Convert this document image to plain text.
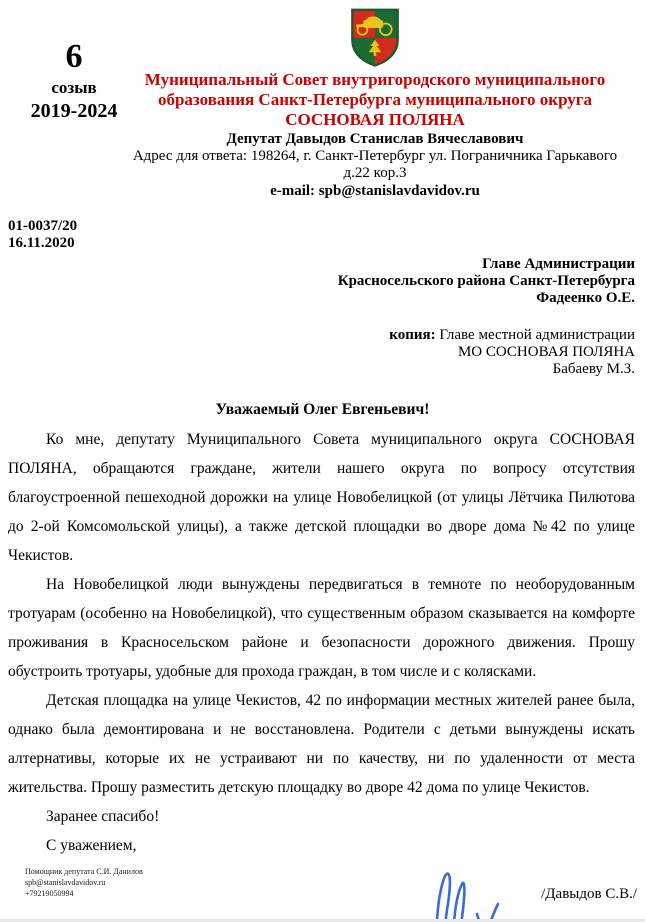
6
созыв
2019-2024
Муниципальный Совет внутригородского муниципального
образования Санкт-Петербурга муниципального округа
СОСНОВАЯ ПОЛЯНА
Депутат Давыдов Станислав Вячеславович
Адрес для ответа: 198264, г. Санкт-Петербург ул. Пограничника Гарькавого
д.22 кор.3
e-mail: spb@stanislavdavidov.ru
01-0037/20
16.11.2020
Главе Администрации
Красносельского района Санкт-Петербурга
Фадеенко О.Е.
копия: Главе местной администрации
МО СОСНОВАЯ ПОЛЯНА
Бабаеву М.З.
Уважаемый Олег Евгеньевич!

Ко мне, депутату Муниципального Совета муниципального округа СОСНОВАЯ ПОЛЯНА, обращаются граждане, жители нашего округа по вопросу отсутствия благоустроенной пешеходной дорожки на улице Новобелицкой (от улицы Лётчика Пилютова до 2-ой Комсомольской улицы), а также детской площадки во дворе дома №42 по улице Чекистов.

На Новобелицкой люди вынуждены передвигаться в темноте по необорудованным тротуарам (особенно на Новобелицкой), что существенным образом сказывается на комфорте проживания в Красносельском районе и безопасности дорожного движения. Прошу обустроить тротуары, удобные для прохода граждан, в том числе и с колясками.

Детская площадка на улице Чекистов, 42 по информации местных жителей ранее была, однако была демонтирована и не восстановлена. Родители с детьми вынуждены искать алтернативы, которые их не устраивают ни по качеству, ни по удаленности от места жительства. Прошу разместить детскую площадку во дворе 42 дома по улице Чекистов.

Заранее спасибо!
С уважением,
/Давыдов С.В./
Помощник депутата С.И. Данилов
spb@stanislavdavidov.ru
+79219050994
